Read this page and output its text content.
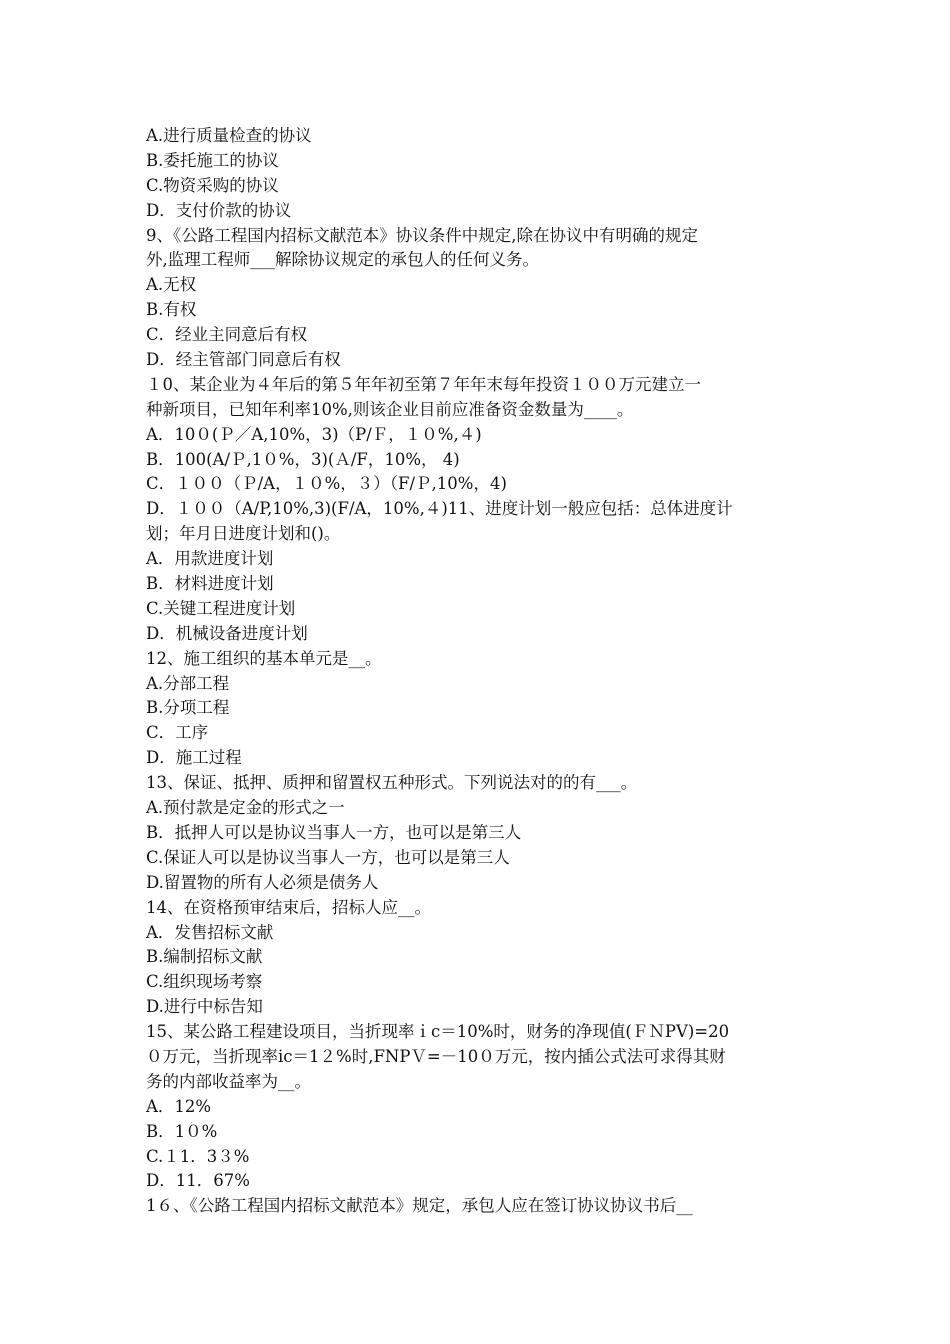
A.进行质量检查的协议
B.委托施工的协议
C.物资采购的协议
D．支付价款的协议
9、《公路工程国内招标文献范本》协议条件中规定,除在协议中有明确的规定
外,监理工程师___解除协议规定的承包人的任何义务。
A.无权
B.有权
C．经业主同意后有权
D．经主管部门同意后有权
１0、某企业为４年后的第５年年初至第７年年末每年投资１００万元建立一
种新项目，已知年利率10%,则该企业目前应准备资金数量为____。
A．10０(Ｐ／A,10%，3)（P/Ｆ，１０%,４)
B．100(A/Ｐ,1０%，3)(Ａ/F，10%， 4)
C．１００（Ｐ/A，１０%，３）（F/Ｐ,10%，4)
D．１００（A/P,10%,3)(F/A，10%,４)11、进度计划一般应包括：总体进度计
划；年月日进度计划和()。
A．用款进度计划
B．材料进度计划
C.关键工程进度计划
D．机械设备进度计划
12、施工组织的基本单元是__。
A.分部工程
B.分项工程
C．工序
D．施工过程
13、保证、抵押、质押和留置权五种形式。下列说法对的的有___。
A.预付款是定金的形式之一
B．抵押人可以是协议当事人一方，也可以是第三人
C.保证人可以是协议当事人一方，也可以是第三人
D.留置物的所有人必须是债务人
14、在资格预审结束后，招标人应__。
A．发售招标文献
B.编制招标文献
C.组织现场考察
D.进行中标告知
15、某公路工程建设项目，当折现率ｉc＝10%时，财务的净现值(ＦＮPV)=20
０万元，当折现率ic＝1２%时,FNPＶ=－10０万元，按内插公式法可求得其财
务的内部收益率为__。
A．12%
B．1０%
C.１1．3３%
D．11．67%
1６、《公路工程国内招标文献范本》规定，承包人应在签订协议协议书后__
